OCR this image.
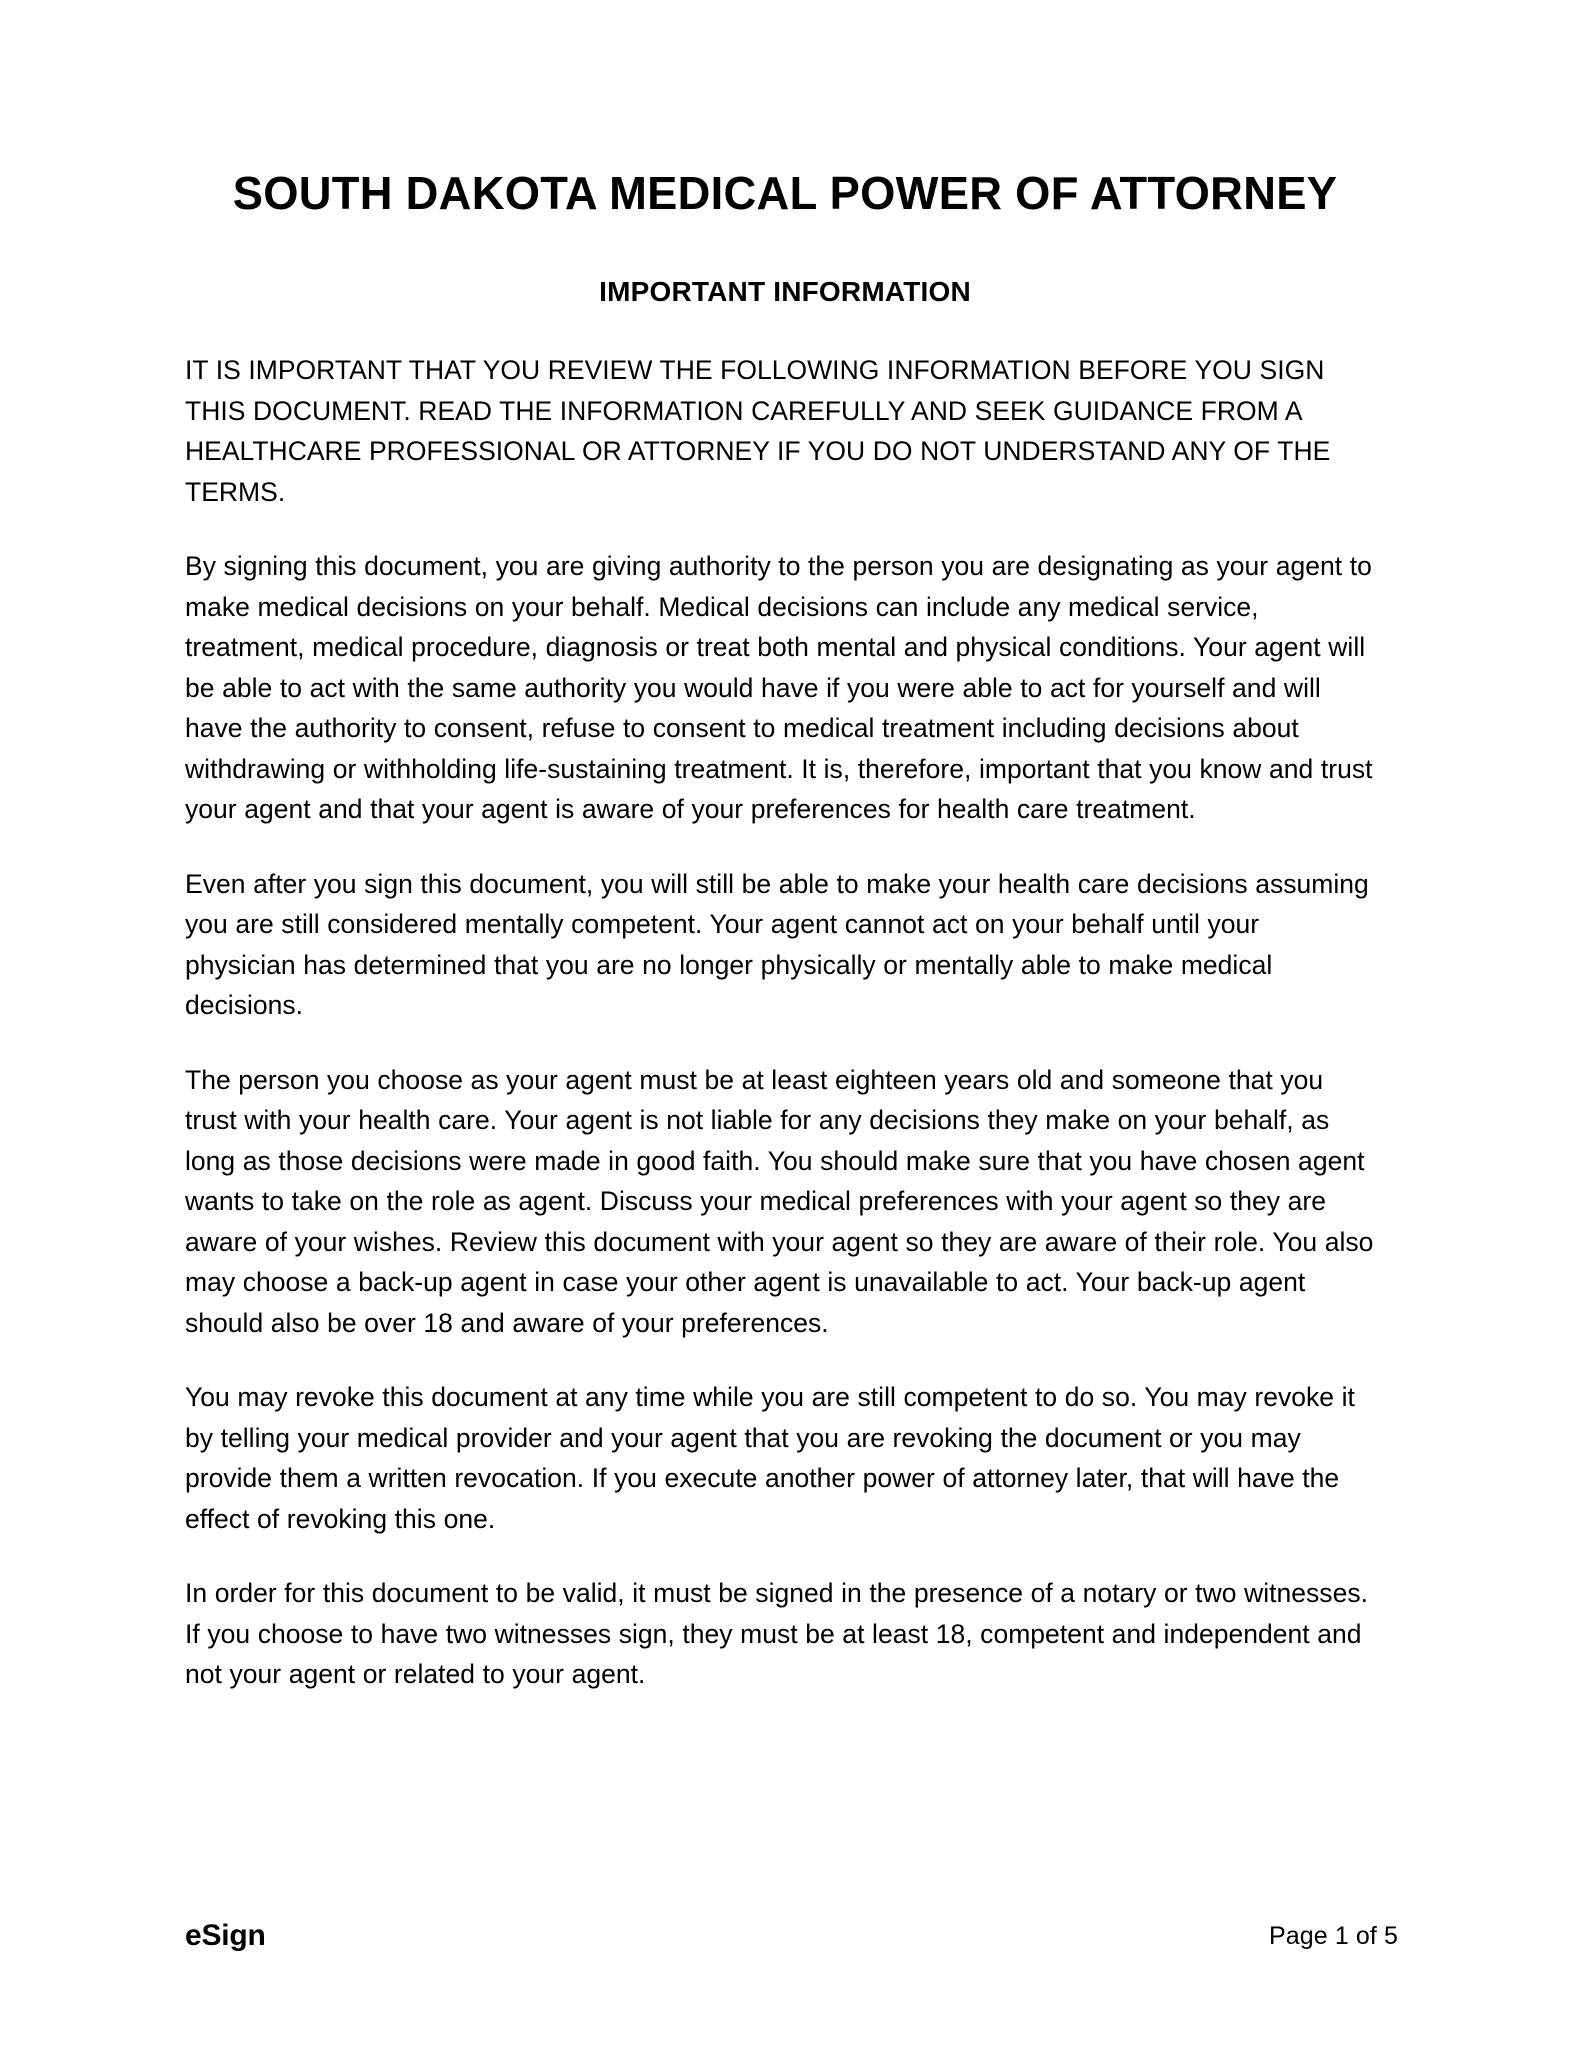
SOUTH DAKOTA MEDICAL POWER OF ATTORNEY
IMPORTANT INFORMATION

IT IS IMPORTANT THAT YOU REVIEW THE FOLLOWING INFORMATION BEFORE YOU SIGN THIS DOCUMENT. READ THE INFORMATION CAREFULLY AND SEEK GUIDANCE FROM A HEALTHCARE PROFESSIONAL OR ATTORNEY IF YOU DO NOT UNDERSTAND ANY OF THE TERMS.

By signing this document, you are giving authority to the person you are designating as your agent to make medical decisions on your behalf. Medical decisions can include any medical service, treatment, medical procedure, diagnosis or treat both mental and physical conditions. Your agent will be able to act with the same authority you would have if you were able to act for yourself and will have the authority to consent, refuse to consent to medical treatment including decisions about withdrawing or withholding life-sustaining treatment. It is, therefore, important that you know and trust your agent and that your agent is aware of your preferences for health care treatment.

Even after you sign this document, you will still be able to make your health care decisions assuming you are still considered mentally competent. Your agent cannot act on your behalf until your physician has determined that you are no longer physically or mentally able to make medical decisions.

The person you choose as your agent must be at least eighteen years old and someone that you trust with your health care. Your agent is not liable for any decisions they make on your behalf, as long as those decisions were made in good faith. You should make sure that you have chosen agent wants to take on the role as agent. Discuss your medical preferences with your agent so they are aware of your wishes. Review this document with your agent so they are aware of their role. You also may choose a back-up agent in case your other agent is unavailable to act. Your back-up agent should also be over 18 and aware of your preferences.

You may revoke this document at any time while you are still competent to do so. You may revoke it by telling your medical provider and your agent that you are revoking the document or you may provide them a written revocation. If you execute another power of attorney later, that will have the effect of revoking this one.

In order for this document to be valid, it must be signed in the presence of a notary or two witnesses. If you choose to have two witnesses sign, they must be at least 18, competent and independent and not your agent or related to your agent.

eSign	Page 1 of 5
